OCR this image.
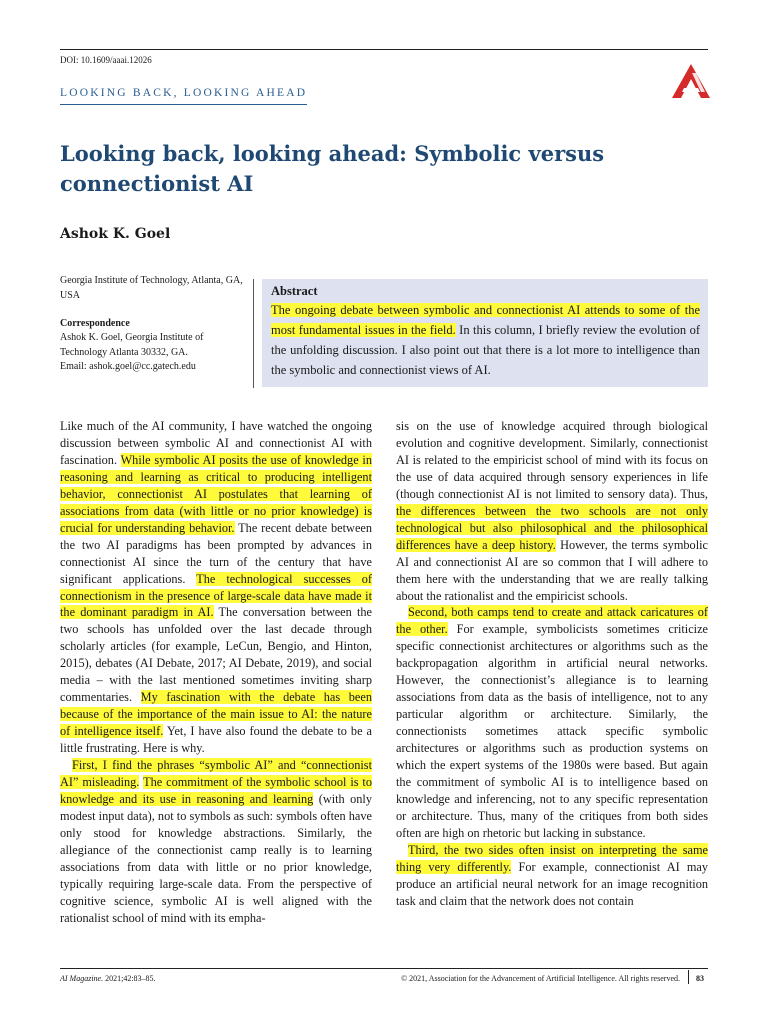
DOI: 10.1609/aaai.12026
LOOKING BACK, LOOKING AHEAD
Looking back, looking ahead: Symbolic versus connectionist AI
Ashok K. Goel
Georgia Institute of Technology, Atlanta, GA, USA
Correspondence
Ashok K. Goel, Georgia Institute of Technology Atlanta 30332, GA.
Email: ashok.goel@cc.gatech.edu
Abstract

The ongoing debate between symbolic and connectionist AI attends to some of the most fundamental issues in the field. In this column, I briefly review the evolution of the unfolding discussion. I also point out that there is a lot more to intelligence than the symbolic and connectionist views of AI.

Like much of the AI community, I have watched the ongoing discussion between symbolic AI and connectionist AI with fascination. While symbolic AI posits the use of knowledge in reasoning and learning as critical to producing intelligent behavior, connectionist AI postulates that learning of associations from data (with little or no prior knowledge) is crucial for understanding behavior. The recent debate between the two AI paradigms has been prompted by advances in connectionist AI since the turn of the century that have significant applications. The technological successes of connectionism in the presence of large-scale data have made it the dominant paradigm in AI. The conversation between the two schools has unfolded over the last decade through scholarly articles (for example, LeCun, Bengio, and Hinton, 2015), debates (AI Debate, 2017; AI Debate, 2019), and social media – with the last mentioned sometimes inviting sharp commentaries. My fascination with the debate has been because of the importance of the main issue to AI: the nature of intelligence itself. Yet, I have also found the debate to be a little frustrating. Here is why.

First, I find the phrases “symbolic AI” and “connectionist AI” misleading. The commitment of the symbolic school is to knowledge and its use in reasoning and learning (with only modest input data), not to symbols as such: symbols often have only stood for knowledge abstractions. Similarly, the allegiance of the connectionist camp really is to learning associations from data with little or no prior knowledge, typically requiring large-scale data. From the perspective of cognitive science, symbolic AI is well aligned with the rationalist school of mind with its empha-

sis on the use of knowledge acquired through biological evolution and cognitive development. Similarly, connectionist AI is related to the empiricist school of mind with its focus on the use of data acquired through sensory experiences in life (though connectionist AI is not limited to sensory data). Thus, the differences between the two schools are not only technological but also philosophical and the philosophical differences have a deep history. However, the terms symbolic AI and connectionist AI are so common that I will adhere to them here with the understanding that we are really talking about the rationalist and the empiricist schools.

Second, both camps tend to create and attack caricatures of the other. For example, symbolicists sometimes criticize specific connectionist architectures or algorithms such as the backpropagation algorithm in artificial neural networks. However, the connectionist’s allegiance is to learning associations from data as the basis of intelligence, not to any particular algorithm or architecture. Similarly, the connectionists sometimes attack specific symbolic architectures or algorithms such as production systems on which the expert systems of the 1980s were based. But again the commitment of symbolic AI is to intelligence based on knowledge and inferencing, not to any specific representation or architecture. Thus, many of the critiques from both sides often are high on rhetoric but lacking in substance.

Third, the two sides often insist on interpreting the same thing very differently. For example, connectionist AI may produce an artificial neural network for an image recognition task and claim that the network does not contain

AI Magazine. 2021;42:83–85.	© 2021, Association for the Advancement of Artificial Intelligence. All rights reserved. 83
